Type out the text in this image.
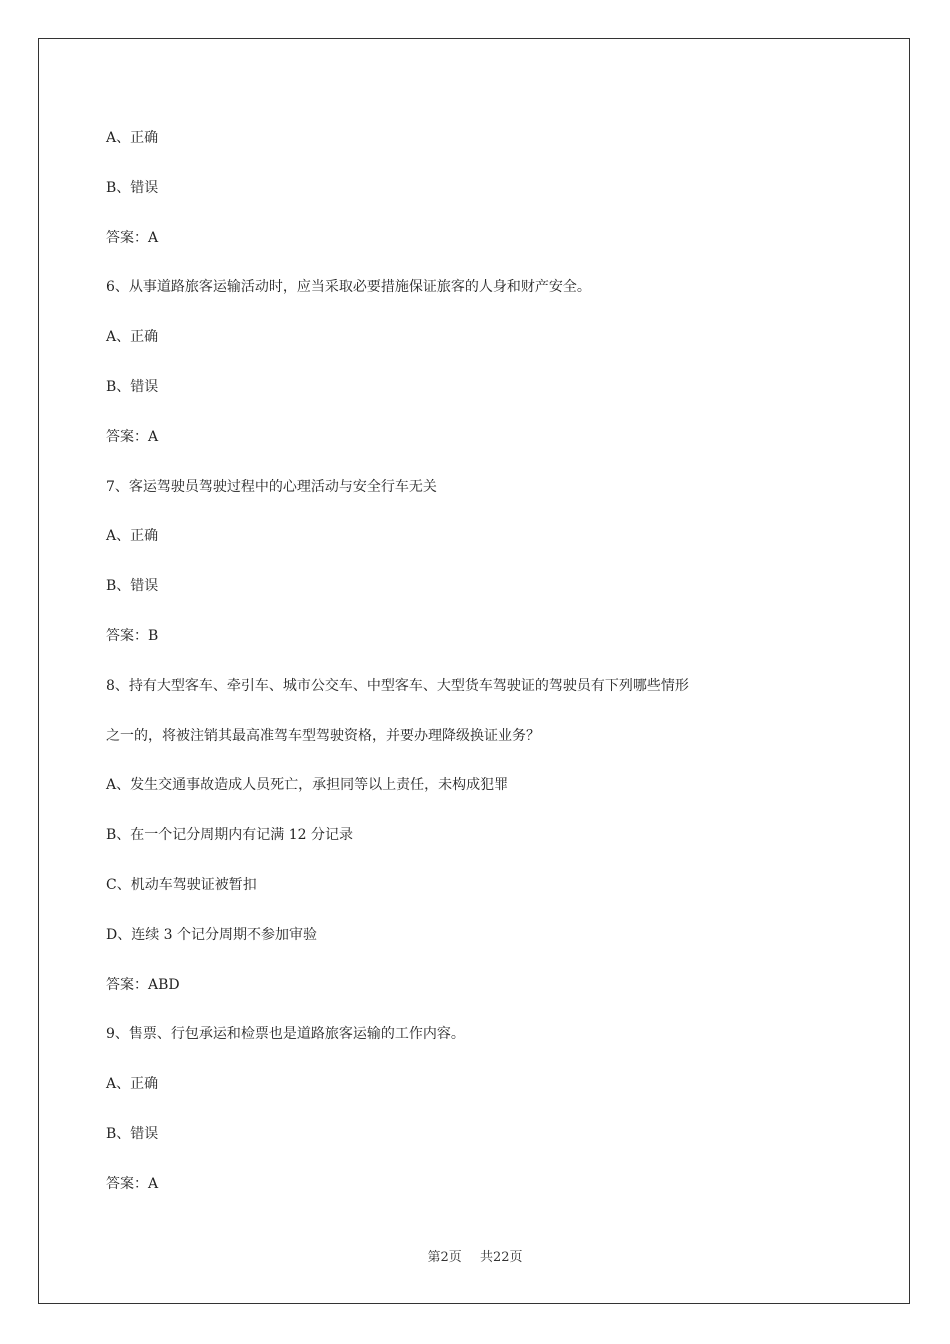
A、正确
B、错误
答案：A
6、从事道路旅客运输活动时，应当采取必要措施保证旅客的人身和财产安全。
A、正确
B、错误
答案：A
7、客运驾驶员驾驶过程中的心理活动与安全行车无关
A、正确
B、错误
答案：B
8、持有大型客车、牵引车、城市公交车、中型客车、大型货车驾驶证的驾驶员有下列哪些情形
之一的，将被注销其最高准驾车型驾驶资格，并要办理降级换证业务？
A、发生交通事故造成人员死亡，承担同等以上责任，未构成犯罪
B、在一个记分周期内有记满 12 分记录
C、机动车驾驶证被暂扣
D、连续 3 个记分周期不参加审验
答案：ABD
9、售票、行包承运和检票也是道路旅客运输的工作内容。
A、正确
B、错误
答案：A
第2页 共22页
